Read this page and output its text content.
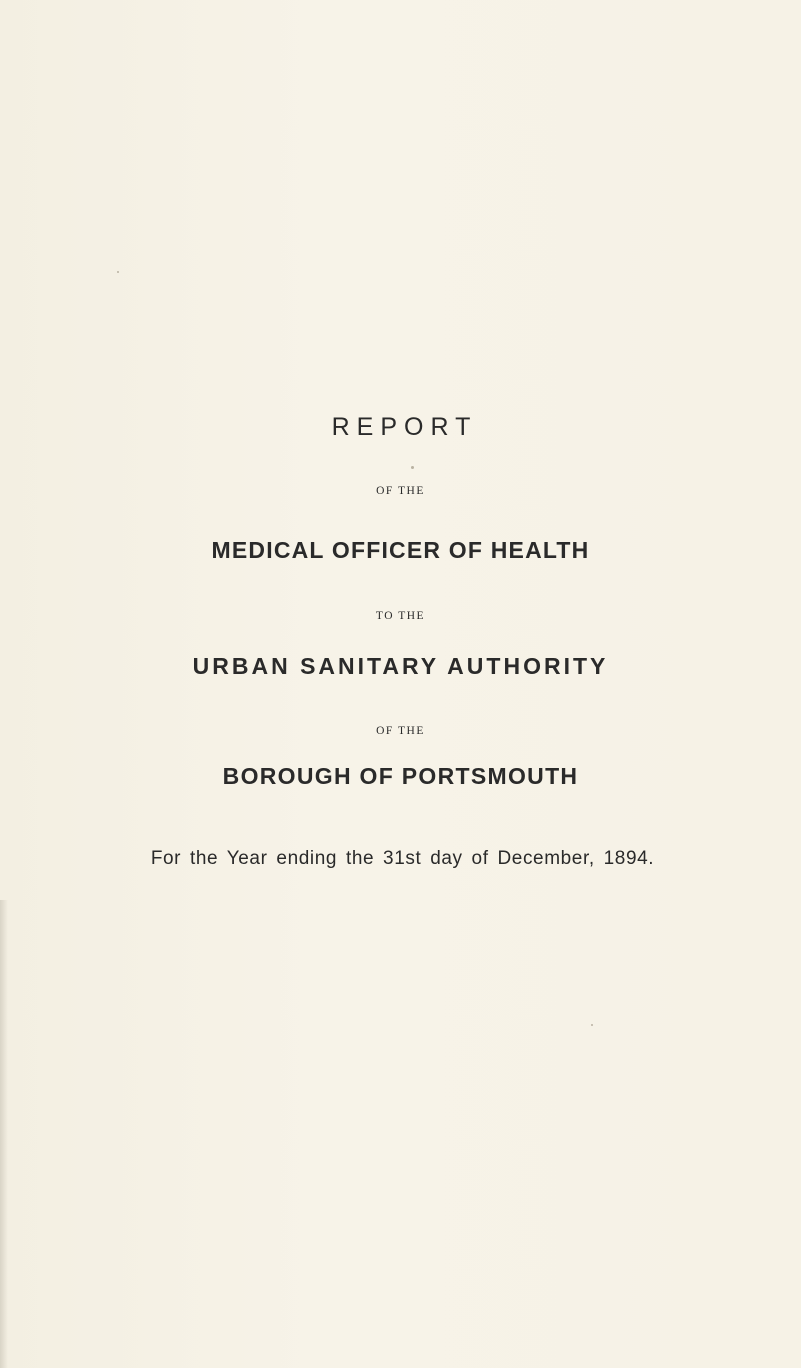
REPORT
OF THE
MEDICAL OFFICER OF HEALTH
TO THE
URBAN SANITARY AUTHORITY
OF THE
BOROUGH OF PORTSMOUTH
For the Year ending the 31st day of December, 1894.
